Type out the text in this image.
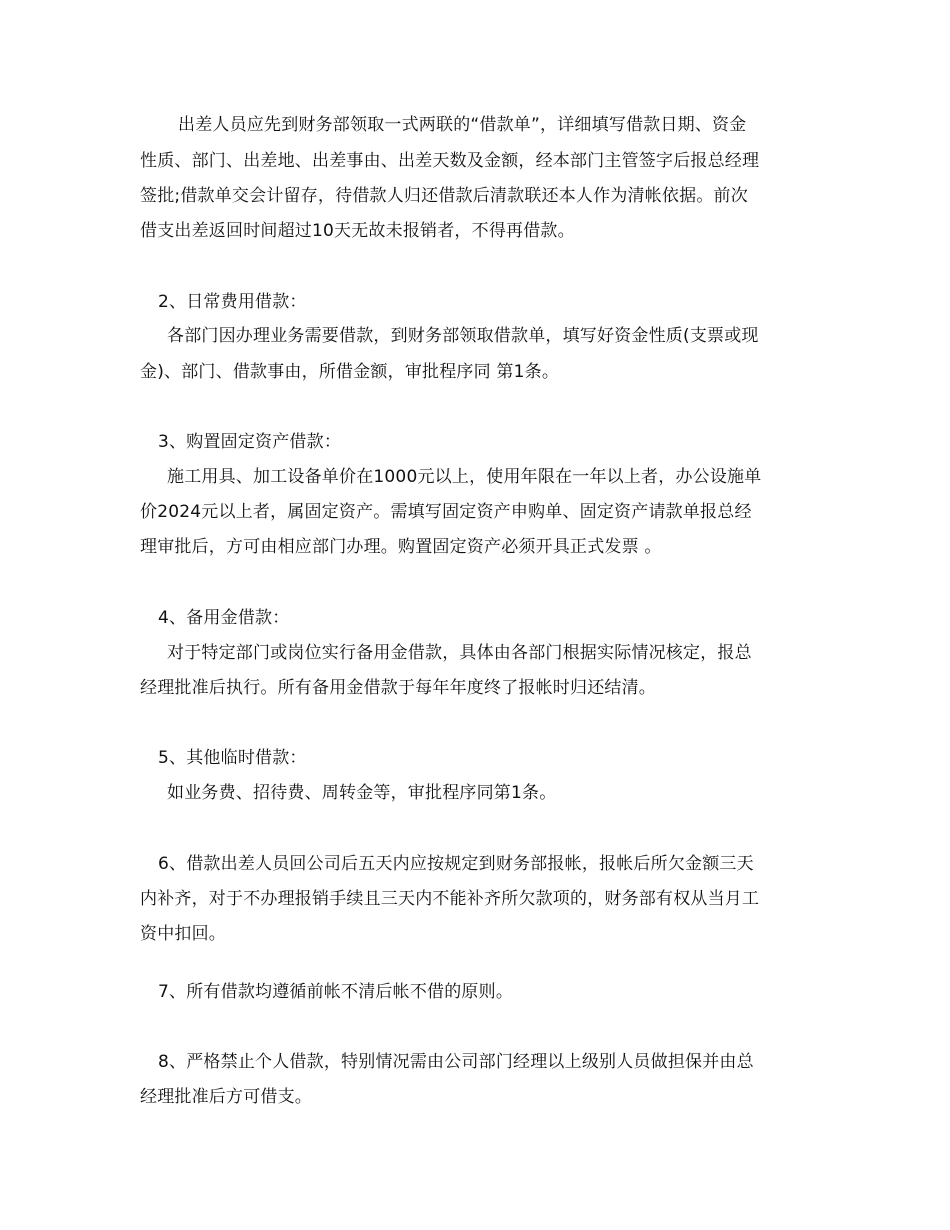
出差人员应先到财务部领取一式两联的“借款单”，详细填写借款日期、资金
性质、部门、出差地、出差事由、出差天数及金额，经本部门主管签字后报总经理
签批;借款单交会计留存，待借款人归还借款后清款联还本人作为清帐依据。前次
借支出差返回时间超过10天无故未报销者，不得再借款。
2、日常费用借款：
各部门因办理业务需要借款，到财务部领取借款单，填写好资金性质(支票或现
金)、部门、借款事由，所借金额，审批程序同 第1条。
3、购置固定资产借款：
施工用具、加工设备单价在1000元以上，使用年限在一年以上者，办公设施单
价2024元以上者，属固定资产。需填写固定资产申购单、固定资产请款单报总经
理审批后，方可由相应部门办理。购置固定资产必须开具正式发票 。
4、备用金借款：
对于特定部门或岗位实行备用金借款，具体由各部门根据实际情况核定，报总
经理批准后执行。所有备用金借款于每年年度终了报帐时归还结清。
5、其他临时借款：
如业务费、招待费、周转金等，审批程序同第1条。
6、借款出差人员回公司后五天内应按规定到财务部报帐，报帐后所欠金额三天
内补齐，对于不办理报销手续且三天内不能补齐所欠款项的，财务部有权从当月工
资中扣回。
7、所有借款均遵循前帐不清后帐不借的原则。
8、严格禁止个人借款，特别情况需由公司部门经理以上级别人员做担保并由总
经理批准后方可借支。
